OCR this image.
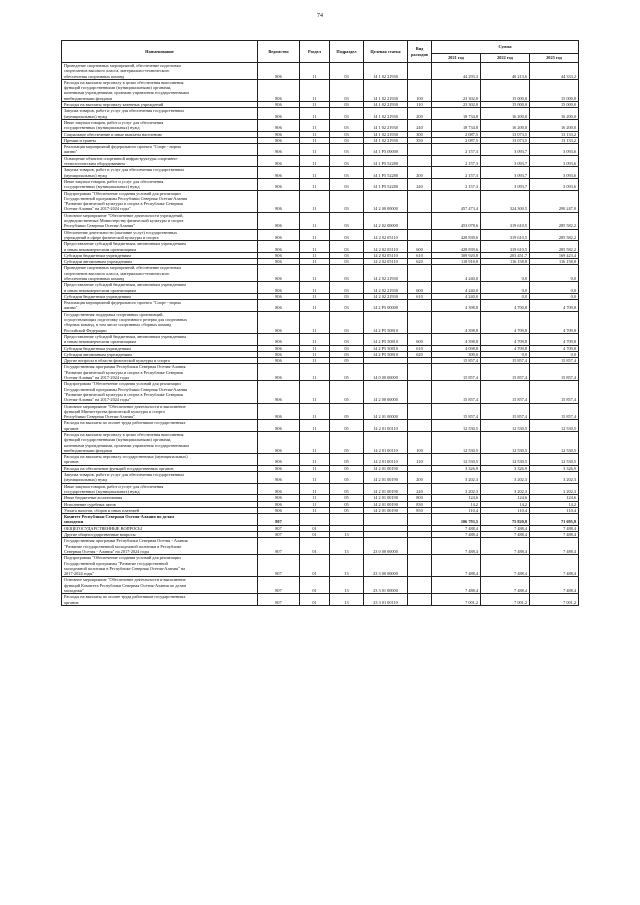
74
Наименование	Ведомство	Раздел	Подраздел	Целевая статья	Вид расходов	Сумма		
						2021 год	2022 год	2023 год
Проведение спортивных мероприятий, обеспечение подготовки
спортсменов высокого класса, материально-технического
обеспечения спортивных команд	806	11	03	14 1 02 21930		44 293,3	40 213,6	44 333,2
Расходы на выплаты персоналу в целях обеспечения выполнения
функций государственными (муниципальными) органами,
казенными учреждениями, органами управления государственными
внебюджетными фондами	806	11	03	14 1 02 21930	100	23 302,0	15 000,0	15 000,0
Расходы на выплаты персоналу казенных учреждений	806	11	03	14 1 02 21930	110	23 302,0	15 000,0	15 000,0
Закупка товаров, работ и услуг для обеспечения государственных
(муниципальных) нужд	806	11	03	14 1 02 21930	200	18 734,8	16 200,0	16 200,0
Иные закупки товаров, работ и услуг для обеспечения
государственных (муниципальных) нужд	806	11	03	14 1 02 21930	240	18 734,8	16 200,0	16 200,0
Социальное обеспечение и иные выплаты населению	806	11	03	14 1 02 21930	300	2 087,5	13 073,5	13 133,2
Премии и гранты	806	11	03	14 1 02 21930	350	2 087,5	13 073,5	13 133,2
Реализация мероприятий федерального проекта "Спорт - норма
жизни"	806	11	03	14 1 P5 00000		2 157,3	3 093,7	3 093,6
Оснащение объектов спортивной инфраструктуры спортивно-
технологическим оборудованием	806	11	03	14 1 P5 52280		2 157,3	3 093,7	3 093,6
Закупка товаров, работ и услуг для обеспечения государственных
(муниципальных) нужд	806	11	03	14 1 P5 52280	200	2 157,3	3 093,7	3 093,6
Иные закупки товаров, работ и услуг для обеспечения
государственных (муниципальных) нужд	806	11	03	14 1 P5 52280	240	2 157,3	3 093,7	3 093,6
Подпрограмма "Обеспечение создания условий для реализации
Государственной программы Республики Северная Осетия-Алания
"Развитие физической культуры и спорта в Республике Северная
Осетия-Алания" на 2017-2024 годы"	806	11	03	14 2 00 00000		457 473,4	324 300,5	290 247,0
Основное мероприятие "Обеспечение деятельности учреждений,
подведомственных Министерству физической культуры и спорта
Республики Северная Осетия-Алания"	806	11	03	14 2 02 00000		453 078,6	319 610,5	285 582,2
Обеспечение деятельности (оказание услуг) государственных
учреждений в сфере физической культуры и спорта	806	11	03	14 2 02 05110		428 839,6	319 610,5	285 582,2
Предоставление субсидий бюджетным, автономным учреждениям
и иным некоммерческим организациям	806	11	03	14 2 02 05110	600	428 839,6	319 610,5	285 582,2
Субсидии бюджетным учреждениям	806	11	03	14 2 02 05110	610	309 920,8	203 451,7	169 423,4
Субсидии автономным учреждениям	806	11	03	14 2 02 05110	620	118 918,8	116 158,8	116 158,8
Проведение спортивных мероприятий, обеспечение подготовки
спортсменов высокого класса, материально-технического
обеспечения спортивных команд	806	11	03	14 2 02 21930		4 240,0	0,0	0,0
Предоставление субсидий бюджетным, автономным учреждениям
и иным некоммерческим организациям	806	11	03	14 2 02 21930	600	4 240,0	0,0	0,0
Субсидии бюджетным учреждениям	806	11	03	14 2 02 21930	610	4 240,0	0,0	0,0
Реализация мероприятий федерального проекта "Спорт - норма
жизни"	806	11	03	14 2 P5 00000		4 398,8	4 700,8	4 709,8
Государственная поддержка спортивных организаций,
осуществляющих подготовку спортивного резерва для спортивных
сборных команд, в том числе спортивных сборных команд
Российской Федерации	806	11	03	14 2 P5 50810		4 398,8	4 709,8	4 709,8
Предоставление субсидий бюджетным, автономным учреждениям
и иным некоммерческим организациям	806	11	03	14 2 P5 50810	600	4 398,8	4 709,8	4 709,8
Субсидии бюджетным учреждениям	806	11	03	14 2 P5 50810	610	4 098,8	4 709,8	4 709,8
Субсидии автономным учреждениям	806	11	03	14 2 P5 50810	620	300,0	0,0	0,0
Другие вопросы в области физической культуры и спорта	806	11	05			15 857,4	15 857,4	15 857,4
Государственная программа Республики Северная Осетия-Алания
"Развитие физической культуры и спорта в Республике Северная
Осетия-Алания" на 2017-2024 годы	806	11	05	14 0 00 00000		15 857,4	15 857,4	15 857,4
Подпрограмма "Обеспечение создания условий для реализации
Государственной программы Республики Северная Осетия-Алания
"Развитие физической культуры и спорта в Республике Северная
Осетия-Алания" на 2017-2024 годы"	806	11	05	14 2 00 00000		15 857,4	15 857,4	15 857,4
Основное мероприятие "Обеспечение деятельности и выполнение
функций Министерства физической культуры и спорта
Республики Северная Осетия-Алания"	806	11	05	14 2 01 00000		15 857,4	15 857,4	15 857,4
Расходы на выплаты по оплате труда работников государственных
органов	806	11	05	14 2 01 00110		12 530,5	12 530,5	12 530,5
Расходы на выплаты персоналу в целях обеспечения выполнения
функций государственными (муниципальными) органами,
казенными учреждениями, органами управления государственными
внебюджетными фондами	806	11	05	14 2 01 00110	100	12 530,5	12 530,5	12 530,5
Расходы на выплаты персоналу государственных (муниципальных)
органов	806	11	05	14 2 01 00110	120	12 530,5	12 530,5	12 530,5
Расходы на обеспечение функций государственных органов	806	11	05	14 2 01 00190		3 326,9	3 326,9	3 326,9
Закупка товаров, работ и услуг для обеспечения государственных
(муниципальных) нужд	806	11	05	14 2 01 00190	200	3 202,3	3 202,3	3 202,3
Иные закупки товаров, работ и услуг для обеспечения
государственных (муниципальных) нужд	806	11	05	14 2 01 00190	240	3 202,3	3 202,3	3 202,3
Иные бюджетные ассигнования	806	11	05	14 2 01 00190	800	124,6	124,6	124,6
Исполнение судебных актов	806	11	05	14 2 01 00190	830	14,2	14,2	14,2
Уплата налогов, сборов и иных платежей	806	11	05	14 2 01 00190	850	110,4	110,4	110,4
Комитет Республики Северная Осетия-Алания по делам
молодежи	807					106 793,5	75 820,8	71 695,9
ОБЩЕГОСУДАРСТВЕННЫЕ ВОПРОСЫ	807	01				7 488,4	7 488,4	7 488,4
Другие общегосударственные вопросы	807	01	13			7 488,4	7 488,4	7 488,4
Государственная программа Республики Северная Осетия - Алания
"Развитие государственной молодежной политики в Республике
Северная Осетия - Алания" на 2017-2024 годы	807	01	13	23 0 00 00000		7 488,4	7 488,4	7 488,4
Подпрограмма "Обеспечение создания условий для реализации
Государственной программы "Развитие государственной
молодежной политики в Республике Северная Осетия-Алания" на
2017-2024 годы"	807	01	13	23 3 00 00000		7 488,4	7 488,4	7 488,4
Основное мероприятие "Обеспечение деятельности и выполнение
функций Комитета Республики Северная Осетия-Алания по делам
молодежи"	807	01	13	23 3 01 00000		7 488,4	7 488,4	7 488,4
Расходы на выплаты по оплате труда работников государственных
органов	807	01	13	23 3 01 00110		7 001,2	7 001,2	7 001,2
